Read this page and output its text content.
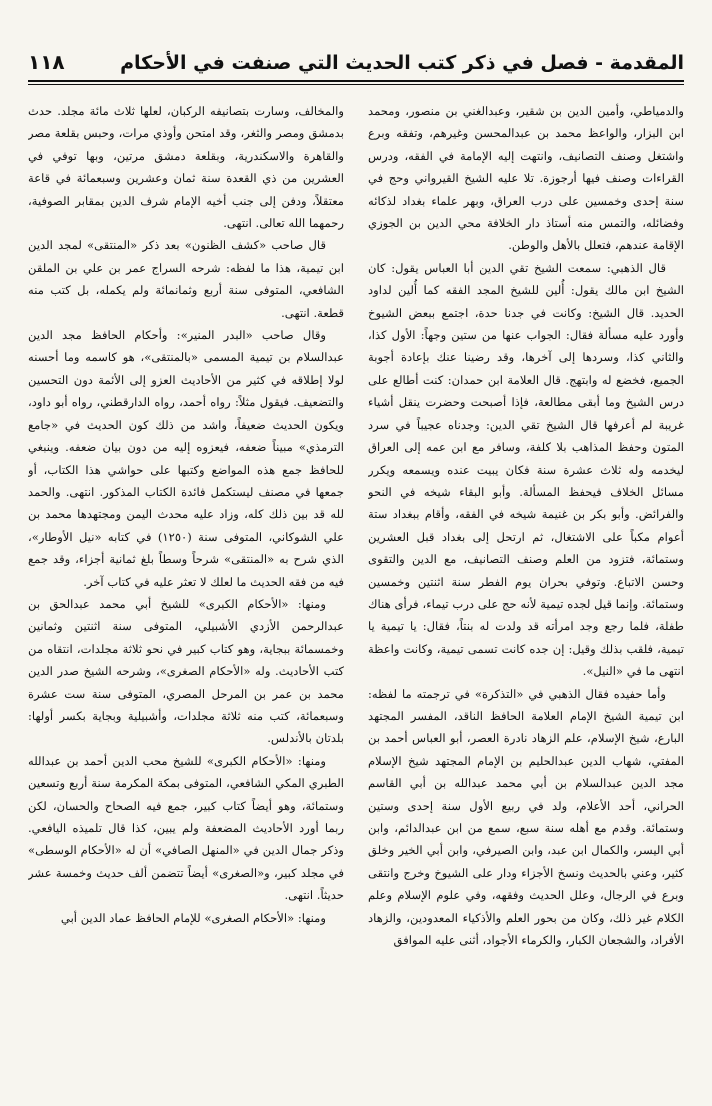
المقدمة - فصل في ذكر كتب الحديث التي صنفت في الأحكام
١١٨

والدمياطي، وأمين الدين بن شقير، وعبدالغني بن منصور، ومحمد ابن البزار، والواعظ محمد بن عبدالمحسن وغيرهم، وتفقه وبرع واشتغل وصنف التصانيف، وانتهت إليه الإمامة في الفقه، ودرس القراءات وصنف فيها أرجوزة. تلا عليه الشيخ القيرواني وحج في سنة إحدى وخمسين على درب العراق، وبهر علماء بغداد لذكائه وفضائله، والتمس منه أستاذ دار الخلافة محي الدين بن الجوزي الإقامة عندهم، فتعلل بالأهل والوطن.

قال الذهبي: سمعت الشيخ تقي الدين أبا العباس يقول: كان الشيخ ابن مالك يقول: أُلين للشيخ المجد الفقه كما أُلين لداود الحديد. قال الشيخ: وكانت في جدنا حدة، اجتمع ببعض الشيوخ وأورد عليه مسألة فقال: الجواب عنها من ستين وجهاً: الأول كذا، والثاني كذا، وسردها إلى آخرها، وقد رضينا عنك بإعادة أجوبة الجميع، فخضع له وابتهج. قال العلامة ابن حمدان: كنت أطالع على درس الشيخ وما أبقى مطالعة، فإذا أصبحت وحضرت ينقل أشياء غريبة لم أعرفها قال الشيخ تقي الدين: وجدناه عجيباً في سرد المتون وحفظ المذاهب بلا كلفة، وسافر مع ابن عمه إلى العراق ليخدمه وله ثلاث عشرة سنة فكان يبيت عنده ويسمعه ويكرر مسائل الخلاف فيحفظ المسألة. وأبو البقاء شيخه في النحو والفرائض. وأبو بكر بن غنيمة شيخه في الفقه، وأقام ببغداد ستة أعوام مكباً على الاشتغال، ثم ارتحل إلى بغداد قبل العشرين وستمائة، فتزود من العلم وصنف التصانيف، مع الدين والتقوى وحسن الاتباع. وتوفي بحران يوم الفطر سنة اثنتين وخمسين وستمائة. وإنما قيل لجده تيمية لأنه حج على درب تيماء، فرأى هناك طفلة، فلما رجع وجد امرأته قد ولدت له بنتاً، فقال: يا تيمية يا تيمية، فلقب بذلك وقيل: إن جده كانت تسمى تيمية، وكانت واعظة انتهى ما في «النيل».

وأما حفيده فقال الذهبي في «التذكرة» في ترجمته ما لفظه: ابن تيمية الشيخ الإمام العلامة الحافظ الناقد، المفسر المجتهد البارع، شيخ الإسلام، علم الزهاد نادرة العصر، أبو العباس أحمد بن المفتي، شهاب الدين عبدالحليم بن الإمام المجتهد شيخ الإسلام مجد الدين عبدالسلام بن أبي محمد عبدالله بن أبي القاسم الحراني، أحد الأعلام، ولد في ربيع الأول سنة إحدى وستين وستمائة. وقدم مع أهله سنة سبع، سمع من ابن عبدالدائم، وابن أبي اليسر، والكمال ابن عبد، وابن الصيرفي، وابن أبي الخير وخلق كثير، وعني بالحديث ونسخ الأجزاء ودار على الشيوخ وخرج وانتقى وبرع في الرجال، وعلل الحديث وفقهه، وفي علوم الإسلام وعلم الكلام غير ذلك، وكان من بحور العلم والأذكياء المعدودين، والزهاد الأفراد، والشجعان الكبار، والكرماء الأجواد، أثنى عليه الموافق

والمخالف، وسارت بتصانيفه الركبان، لعلها ثلاث مائة مجلد. حدث بدمشق ومصر والثغر، وقد امتحن وأوذي مرات، وحبس بقلعة مصر والقاهرة والاسكندرية، وبقلعة دمشق مرتين، وبها توفي في العشرين من ذي القعدة سنة ثمان وعشرين وسبعمائة في قاعة معتقلاً، ودفن إلى جنب أخيه الإمام شرف الدين بمقابر الصوفية، رحمهما الله تعالى. انتهى.

قال صاحب «كشف الظنون» بعد ذكر «المنتقى» لمجد الدين ابن تيمية، هذا ما لفظه: شرحه السراج عمر بن علي بن الملقن الشافعي، المتوفى سنة أربع وثمانمائة ولم يكمله، بل كتب منه قطعة. انتهى.

وقال صاحب «البدر المنير»: وأحكام الحافظ مجد الدين عبدالسلام بن تيمية المسمى «بالمنتقى»، هو كاسمه وما أحسنه لولا إطلاقه في كثير من الأحاديث العزو إلى الأئمة دون التحسين والتضعيف. فيقول مثلاً: رواه أحمد، رواه الدارقطني، رواه أبو داود، ويكون الحديث ضعيفاً، واشد من ذلك كون الحديث في «جامع الترمذي» مبيناً ضعفه، فيعزوه إليه من دون بيان ضعفه. وينبغي للحافظ جمع هذه المواضع وكتبها على حواشي هذا الكتاب، أو جمعها في مصنف ليستكمل فائدة الكتاب المذكور. انتهى. والحمد لله قد بين ذلك كله، وزاد عليه محدث اليمن ومجتهدها محمد بن علي الشوكاني، المتوفى سنة (١٢٥٠) في كتابه «نيل الأوطار»، الذي شرح به «المنتقى» شرحاً وسطاً بلغ ثمانية أجزاء، وقد جمع فيه من فقه الحديث ما لعلك لا تعثر عليه في كتاب آخر.

ومنها: «الأحكام الكبرى» للشيخ أبي محمد عبدالحق بن عبدالرحمن الأزدي الأشبيلي، المتوفى سنة اثنتين وثمانين وخمسمائة ببجاية، وهو كتاب كبير في نحو ثلاثة مجلدات، انتقاه من كتب الأحاديث. وله «الأحكام الصغرى»، وشرحه الشيخ صدر الدين محمد بن عمر بن المرحل المصري، المتوفى سنة ست عشرة وسبعمائة، كتب منه ثلاثة مجلدات، وأشبيلية وبجاية بكسر أولها: بلدتان بالأندلس.

ومنها: «الأحكام الكبرى» للشيخ محب الدين أحمد بن عبدالله الطبري المكي الشافعي، المتوفى بمكة المكرمة سنة أربع وتسعين وستمائة، وهو أيضاً كتاب كبير، جمع فيه الصحاح والحسان، لكن ربما أورد الأحاديث المضعفة ولم يبين، كذا قال تلميذه اليافعي. وذكر جمال الدين في «المنهل الصافي» أن له «الأحكام الوسطى» في مجلد كبير، و«الصغرى» أيضاً تتضمن ألف حديث وخمسة عشر حديثاً. انتهى.

ومنها: «الأحكام الصغرى» للإمام الحافظ عماد الدين أبي
